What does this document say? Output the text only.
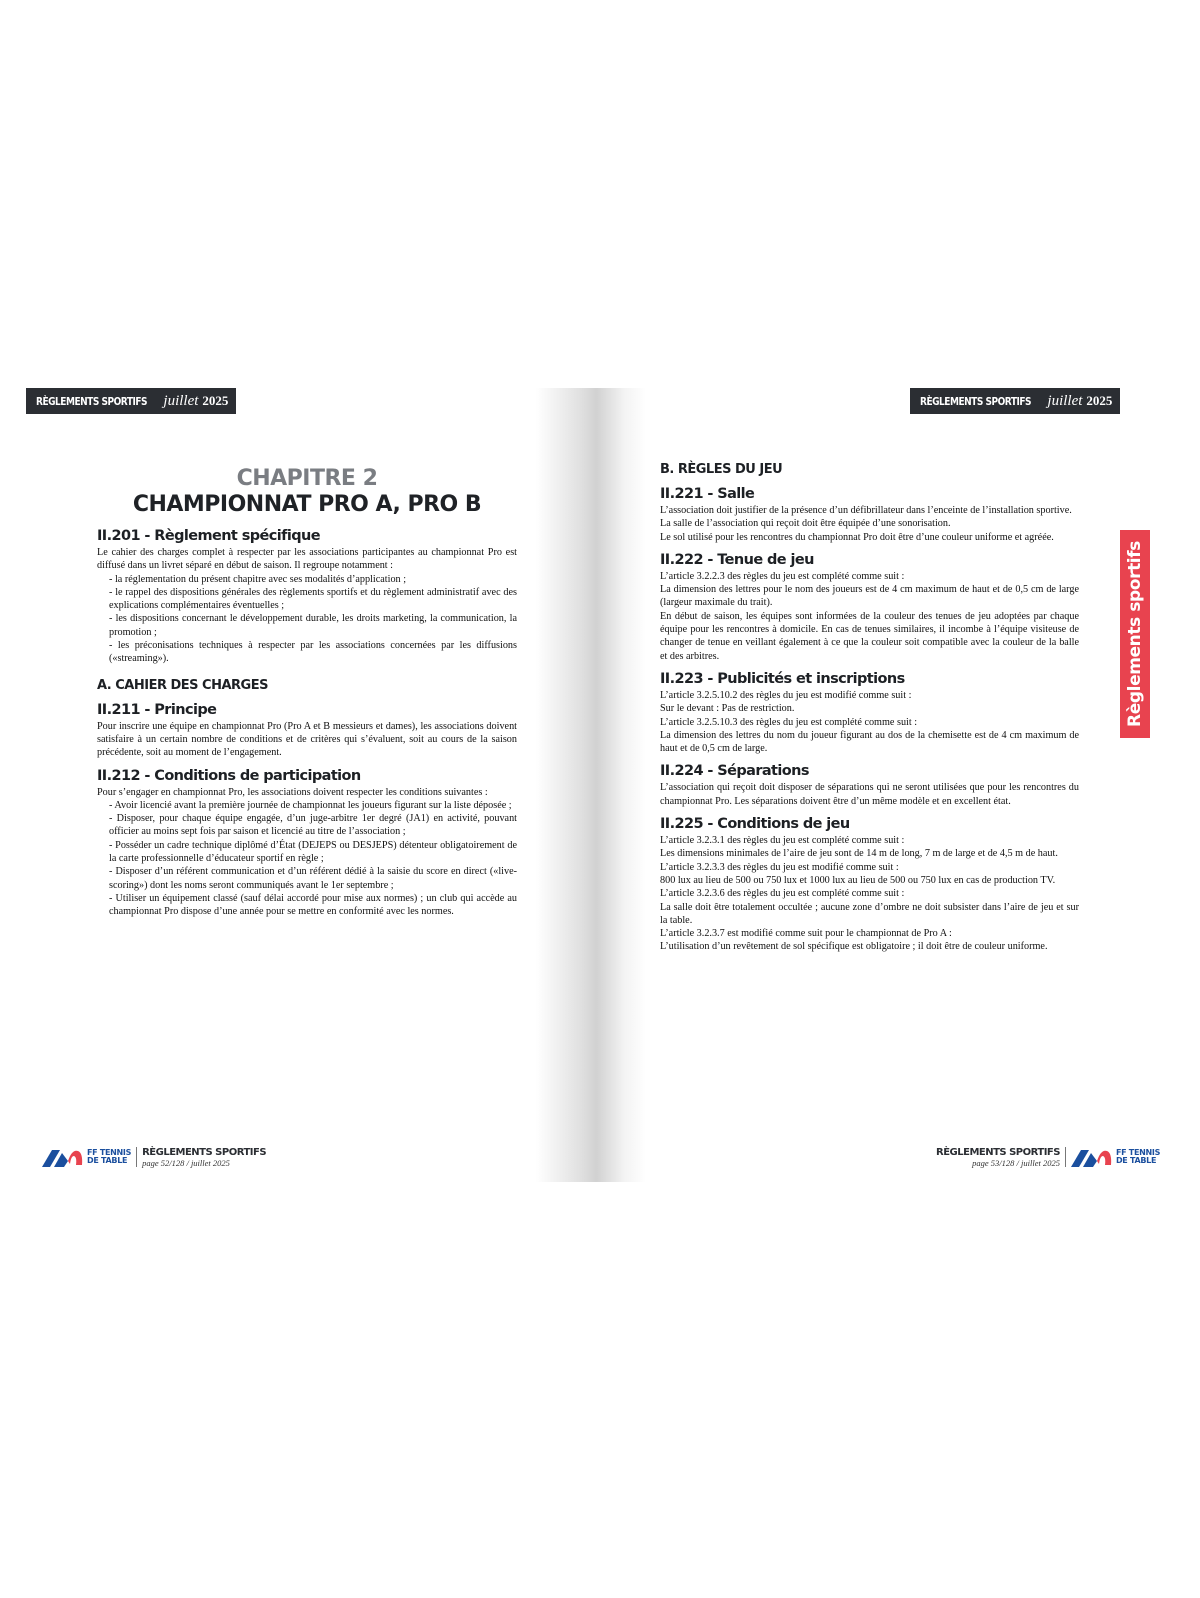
RÈGLEMENTS SPORTIFS juillet 2025	RÈGLEMENTS SPORTIFS juillet 2025
CHAPITRE 2
CHAMPIONNAT PRO A, PRO B
II.201 - Règlement spécifique

Le cahier des charges complet à respecter par les associations participantes au championnat Pro est diffusé dans un livret séparé en début de saison. Il regroupe notamment :

- la réglementation du présent chapitre avec ses modalités d’application ;

- le rappel des dispositions générales des règlements sportifs et du règlement administratif avec des explications complémentaires éventuelles ;

- les dispositions concernant le développement durable, les droits marketing, la communication, la promotion ;

- les préconisations techniques à respecter par les associations concernées par les diffusions («streaming»).

A. CAHIER DES CHARGES
II.211 - Principe

Pour inscrire une équipe en championnat Pro (Pro A et B messieurs et dames), les associations doivent satisfaire à un certain nombre de conditions et de critères qui s’évaluent, soit au cours de la saison précédente, soit au moment de l’engagement.

II.212 - Conditions de participation

Pour s’engager en championnat Pro, les associations doivent respecter les conditions suivantes :

- Avoir licencié avant la première journée de championnat les joueurs figurant sur la liste déposée ;

- Disposer, pour chaque équipe engagée, d’un juge-arbitre 1er degré (JA1) en activité, pouvant officier au moins sept fois par saison et licencié au titre de l’association ;

- Posséder un cadre technique diplômé d’État (DEJEPS ou DESJEPS) détenteur obligatoirement de la carte professionnelle d’éducateur sportif en règle ;

- Disposer d’un référent communication et d’un référent dédié à la saisie du score en direct («live-scoring») dont les noms seront communiqués avant le 1er septembre ;

- Utiliser un équipement classé (sauf délai accordé pour mise aux normes) ; un club qui accède au championnat Pro dispose d’une année pour se mettre en conformité avec les normes.

B. RÈGLES DU JEU
II.221 - Salle

L’association doit justifier de la présence d’un défibrillateur dans l’enceinte de l’installation sportive.

La salle de l’association qui reçoit doit être équipée d’une sonorisation.

Le sol utilisé pour les rencontres du championnat Pro doit être d’une couleur uniforme et agréée.

II.222 - Tenue de jeu

L’article 3.2.2.3 des règles du jeu est complété comme suit :

La dimension des lettres pour le nom des joueurs est de 4 cm maximum de haut et de 0,5 cm de large (largeur maximale du trait).

En début de saison, les équipes sont informées de la couleur des tenues de jeu adoptées par chaque équipe pour les rencontres à domicile. En cas de tenues similaires, il incombe à l’équipe visiteuse de changer de tenue en veillant également à ce que la couleur soit compatible avec la couleur de la balle et des arbitres.

II.223 - Publicités et inscriptions

L’article 3.2.5.10.2 des règles du jeu est modifié comme suit :

Sur le devant : Pas de restriction.

L’article 3.2.5.10.3 des règles du jeu est complété comme suit :

La dimension des lettres du nom du joueur figurant au dos de la chemisette est de 4 cm maximum de haut et de 0,5 cm de large.

II.224 - Séparations

L’association qui reçoit doit disposer de séparations qui ne seront utilisées que pour les rencontres du championnat Pro. Les séparations doivent être d’un même modèle et en excellent état.

II.225 - Conditions de jeu

L’article 3.2.3.1 des règles du jeu est complété comme suit :

Les dimensions minimales de l’aire de jeu sont de 14 m de long, 7 m de large et de 4,5 m de haut.

L’article 3.2.3.3 des règles du jeu est modifié comme suit :

800 lux au lieu de 500 ou 750 lux et 1000 lux au lieu de 500 ou 750 lux en cas de production TV.

L’article 3.2.3.6 des règles du jeu est complété comme suit :

La salle doit être totalement occultée ; aucune zone d’ombre ne doit subsister dans l’aire de jeu et sur la table.

L’article 3.2.3.7 est modifié comme suit pour le championnat de Pro A :

L’utilisation d’un revêtement de sol spécifique est obligatoire ; il doit être de couleur uniforme.

Règlements sportifs
FF TENNIS
DE TABLE
RÈGLEMENTS SPORTIFS
page 52/128 / juillet 2025
RÈGLEMENTS SPORTIFS
page 53/128 / juillet 2025
FF TENNIS
DE TABLE
